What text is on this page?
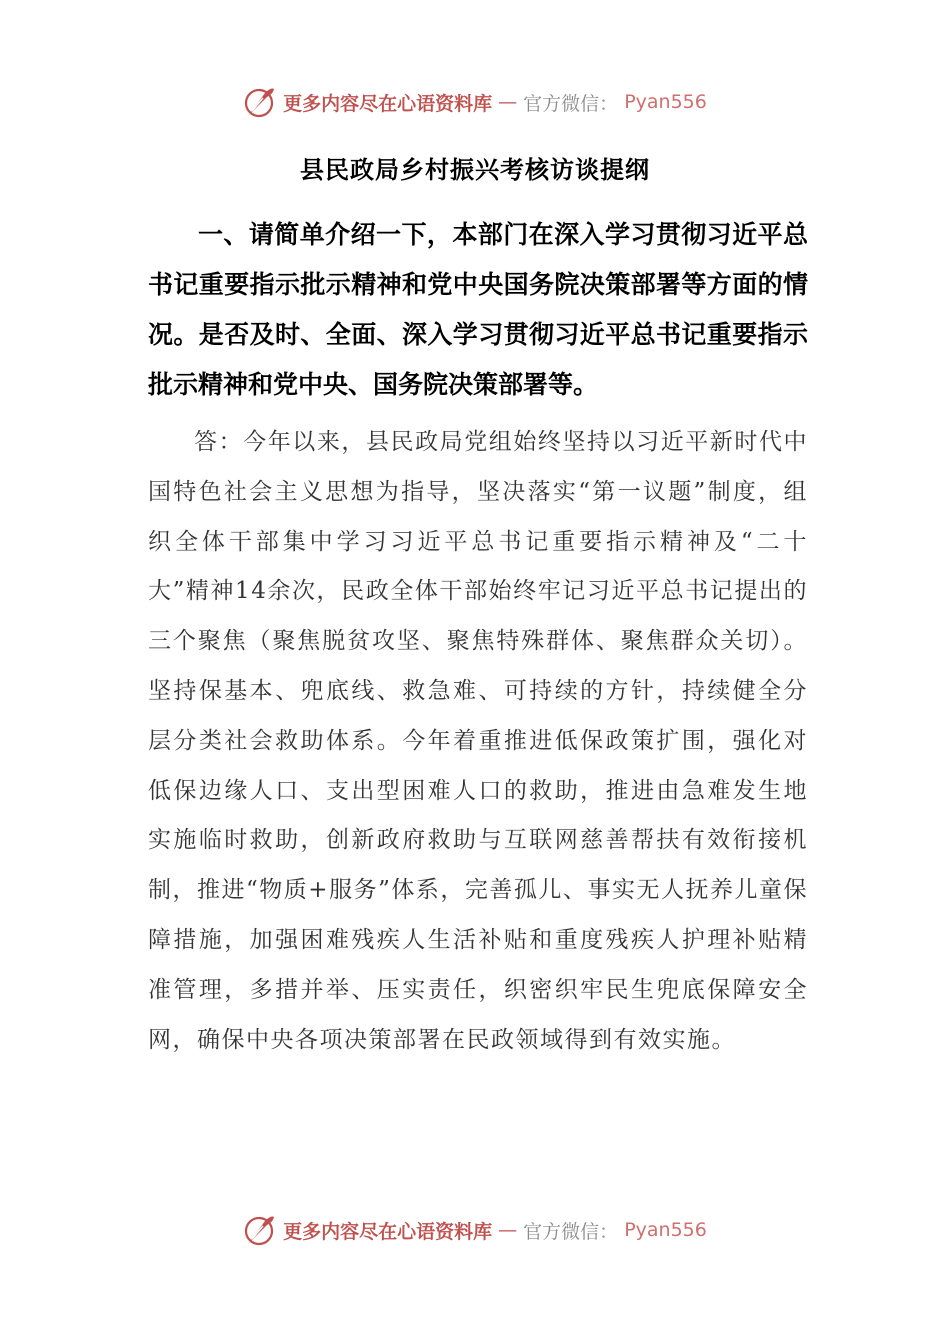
更多内容尽在心语资料库 — 官方微信： Pyan556
县民政局乡村振兴考核访谈提纲

一、请简单介绍一下，本部门在深入学习贯彻习近平总书记重要指示批示精神和党中央国务院决策部署等方面的情况。是否及时、全面、深入学习贯彻习近平总书记重要指示批示精神和党中央、国务院决策部署等。

答：今年以来，县民政局党组始终坚持以习近平新时代中国特色社会主义思想为指导，坚决落实“第一议题”制度，组织全体干部集中学习习近平总书记重要指示精神及“二十大”精神14余次，民政全体干部始终牢记习近平总书记提出的三个聚焦（聚焦脱贫攻坚、聚焦特殊群体、聚焦群众关切）。坚持保基本、兜底线、救急难、可持续的方针，持续健全分层分类社会救助体系。今年着重推进低保政策扩围，强化对低保边缘人口、支出型困难人口的救助，推进由急难发生地实施临时救助，创新政府救助与互联网慈善帮扶有效衔接机制，推进“物质+服务”体系，完善孤儿、事实无人抚养儿童保障措施，加强困难残疾人生活补贴和重度残疾人护理补贴精准管理，多措并举、压实责任，织密织牢民生兜底保障安全网，确保中央各项决策部署在民政领域得到有效实施。

更多内容尽在心语资料库 — 官方微信： Pyan556
